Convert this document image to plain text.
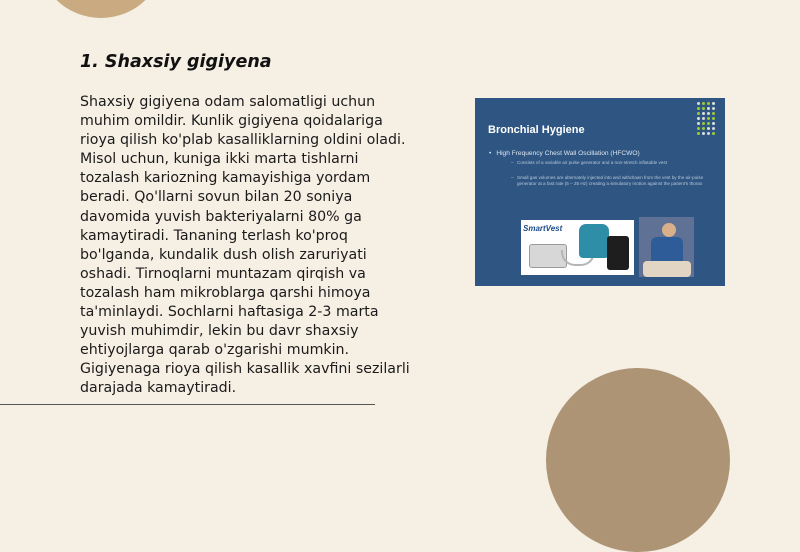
1. Shaxsiy gigiyena

Shaxsiy gigiyena odam salomatligi uchun muhim omildir. Kunlik gigiyena qoidalariga rioya qilish ko'plab kasalliklarning oldini oladi. Misol uchun, kuniga ikki marta tishlarni tozalash kariozning kamayishiga yordam beradi. Qo'llarni sovun bilan 20 soniya davomida yuvish bakteriyalarni 80% ga kamaytiradi. Tananing terlash ko'proq bo'lganda, kundalik dush olish zaruriyati oshadi. Tirnoqlarni muntazam qirqish va tozalash ham mikroblarga qarshi himoya ta'minlaydi. Sochlarni haftasiga 2-3 marta yuvish muhimdir, lekin bu davr shaxsiy ehtiyojlarga qarab o'zgarishi mumkin. Gigiyenaga rioya qilish kasallik xavfini sezilarli darajada kamaytiradi.

Bronchial Hygiene
• High Frequency Chest Wall Oscillation (HFCWO)
– Consists of a variable air pulse generator and a non-stretch inflatable vest
– Small gas volumes are alternately injected into and withdrawn from the vest by the air-pulse generator at a fast rate (5 – 25 Hz) creating a simulatory motion against the patient's thorax
SmartVest
